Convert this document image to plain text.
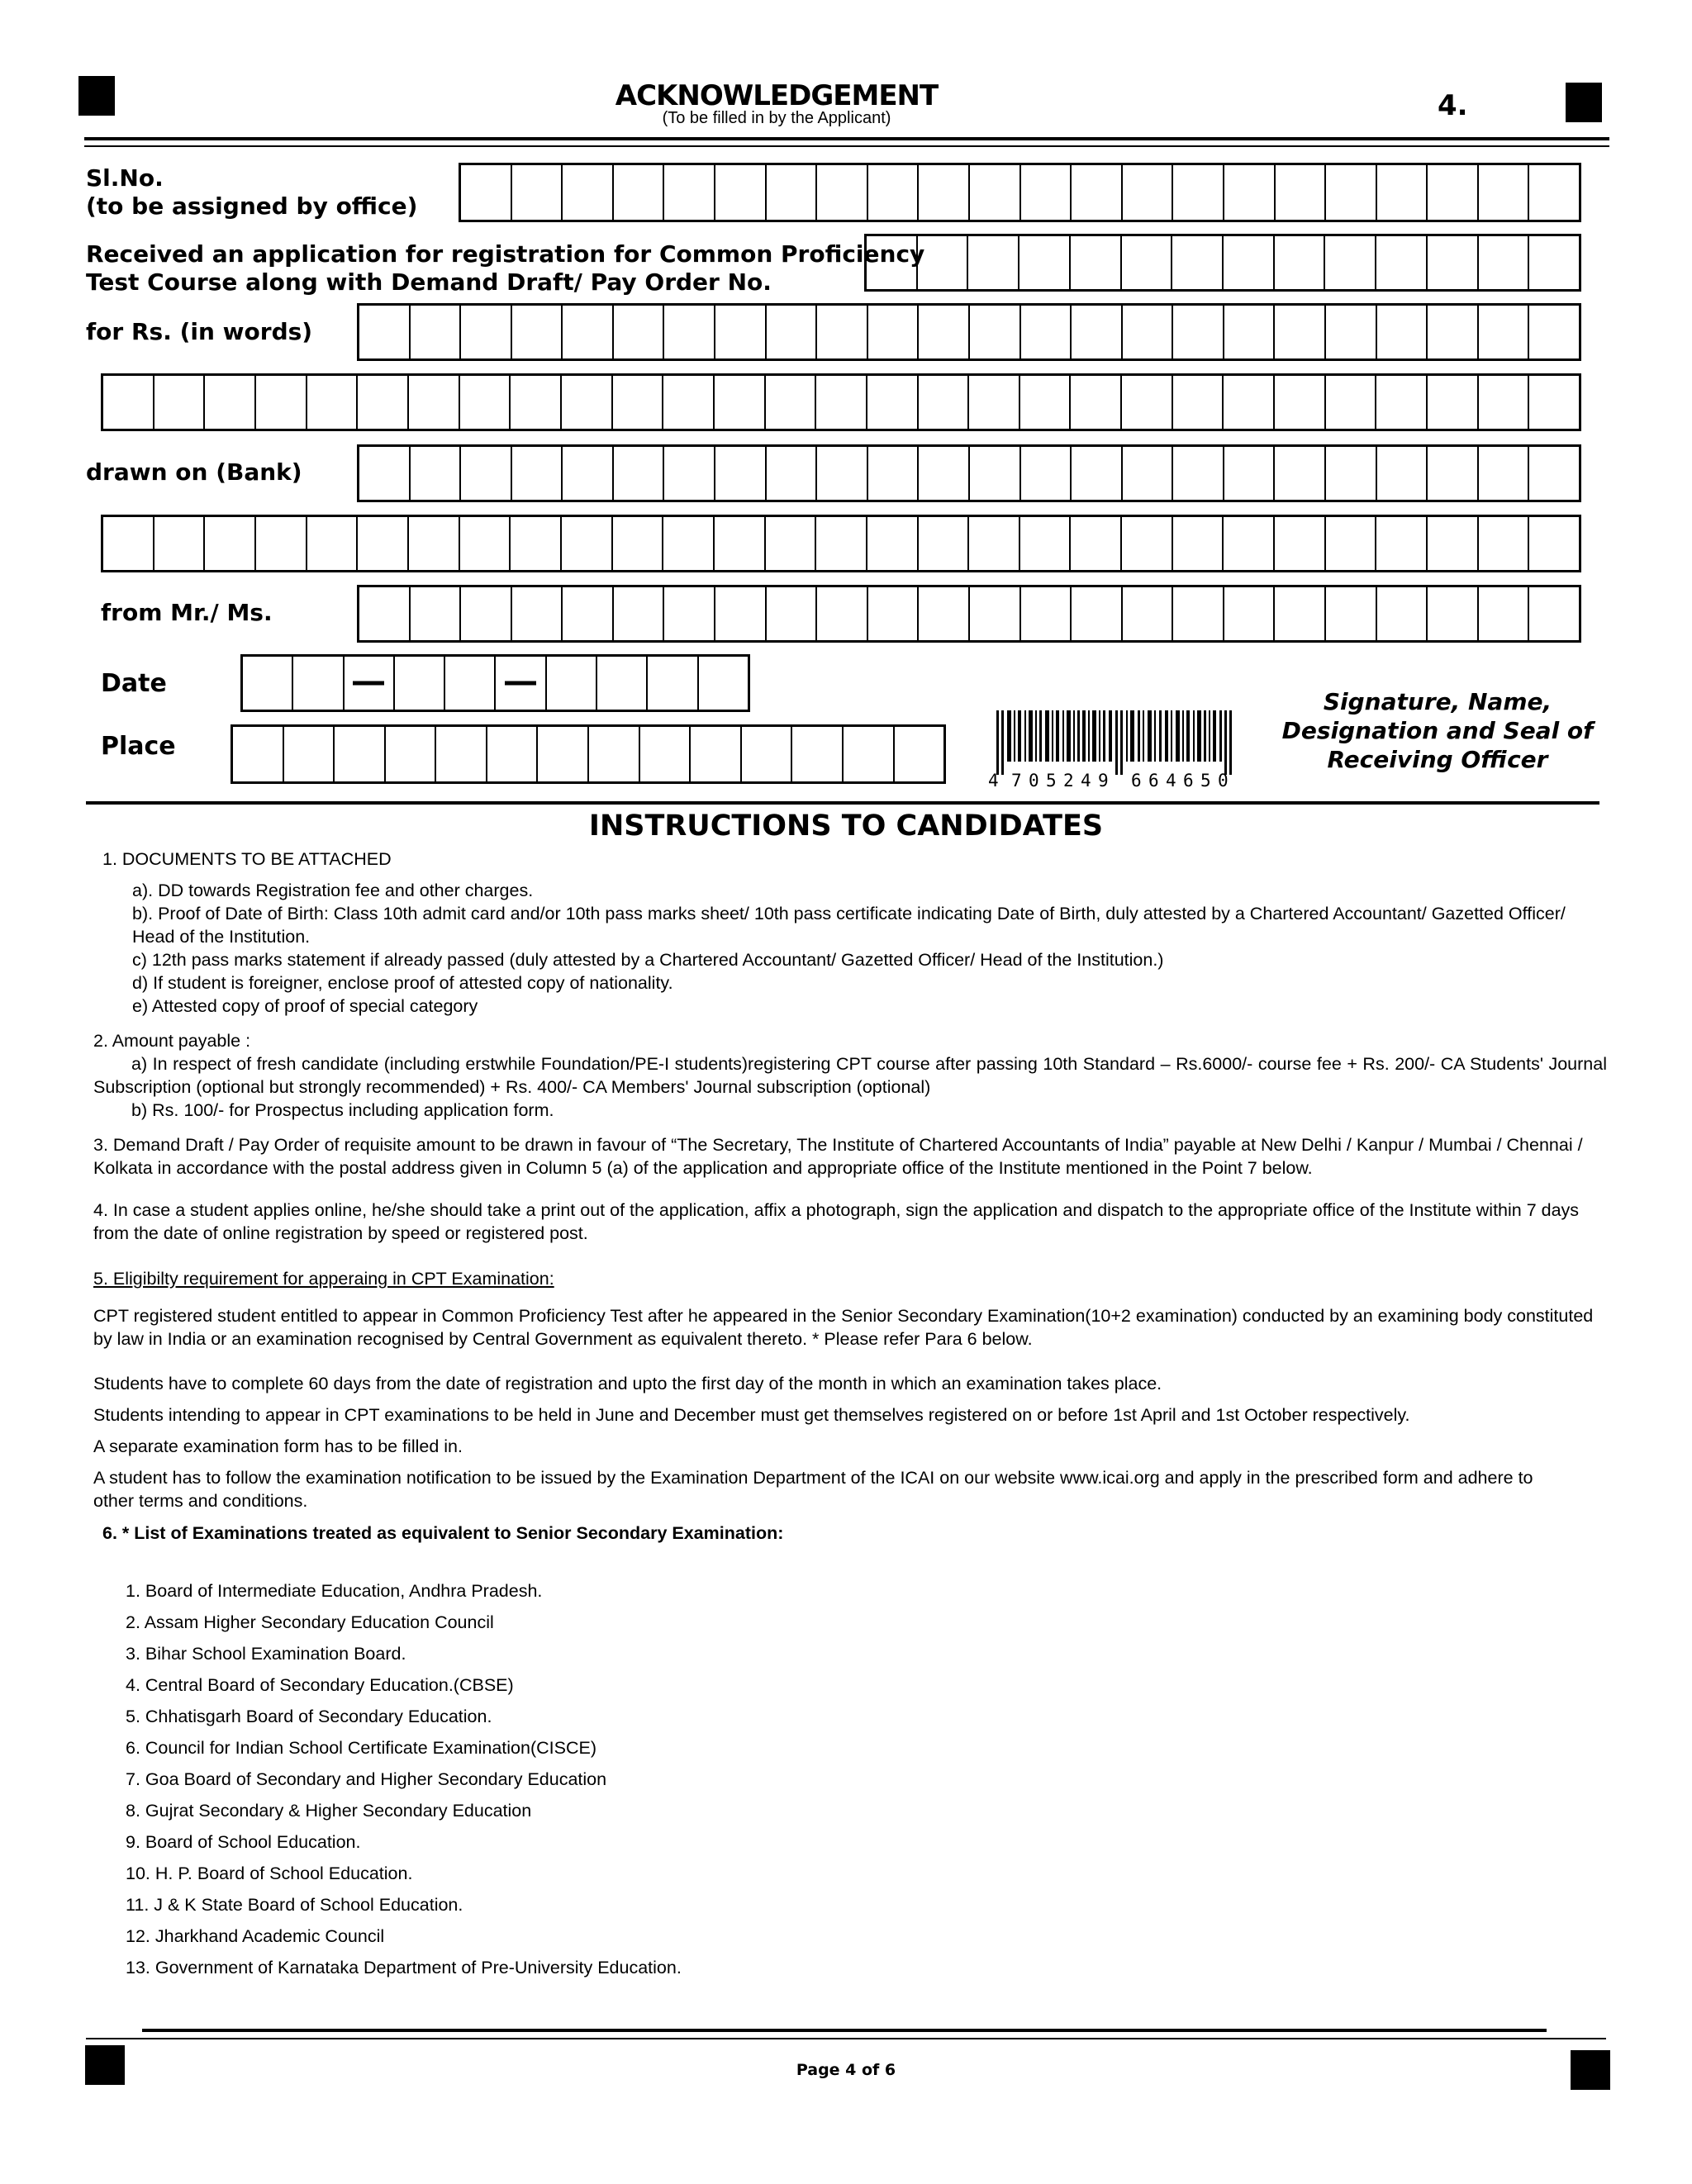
ACKNOWLEDGEMENT
(To be filled in by the Applicant)	4.
Sl.No.
(to be assigned by office)
Received an application for registration for Common Proficiency
Test Course along with Demand Draft/ Pay Order No.
for Rs. (in words)
drawn on (Bank)
from Mr./ Ms.
Date
Place
4 7 0 5 2 4 9 6 6 4 6 5 0
Signature, Name,
Designation and Seal of
Receiving Officer
INSTRUCTIONS TO CANDIDATES
1. DOCUMENTS TO BE ATTACHED
a). DD towards Registration fee and other charges.
b). Proof of Date of Birth: Class 10th admit card and/or 10th pass marks sheet/ 10th pass certificate indicating Date of Birth, duly attested by a Chartered Accountant/ Gazetted Officer/ Head of the Institution.
c) 12th pass marks statement if already passed (duly attested by a Chartered Accountant/ Gazetted Officer/ Head of the Institution.)
d) If student is foreigner, enclose proof of attested copy of nationality.
e) Attested copy of proof of special category
2. Amount payable :
a) In respect of fresh candidate (including erstwhile Foundation/PE-I students)registering CPT course after passing 10th Standard – Rs.6000/- course fee + Rs. 200/- CA Students' Journal Subscription (optional but strongly recommended) + Rs. 400/- CA Members' Journal subscription (optional)
b) Rs. 100/- for Prospectus including application form.
3. Demand Draft / Pay Order of requisite amount to be drawn in favour of “The Secretary, The Institute of Chartered Accountants of India” payable at New Delhi / Kanpur / Mumbai / Chennai / Kolkata in accordance with the postal address given in Column 5 (a) of the application and appropriate office of the Institute mentioned in the Point 7 below.
4. In case a student applies online, he/she should take a print out of the application, affix a photograph, sign the application and dispatch to the appropriate office of the Institute within 7 days from the date of online registration by speed or registered post.
5. Eligibilty requirement for apperaing in CPT Examination:
CPT registered student entitled to appear in Common Proficiency Test after he appeared in the Senior Secondary Examination(10+2 examination) conducted by an examining body constituted by law in India or an examination recognised by Central Government as equivalent thereto. * Please refer Para 6 below.
Students have to complete 60 days from the date of registration and upto the first day of the month in which an examination takes place.
Students intending to appear in CPT examinations to be held in June and December must get themselves registered on or before 1st April and 1st October respectively.
A separate examination form has to be filled in.
A student has to follow the examination notification to be issued by the Examination Department of the ICAI on our website www.icai.org and apply in the prescribed form and adhere to other terms and conditions.
6. * List of Examinations treated as equivalent to Senior Secondary Examination:
1. Board of Intermediate Education, Andhra Pradesh.
2. Assam Higher Secondary Education Council
3. Bihar School Examination Board.
4. Central Board of Secondary Education.(CBSE)
5. Chhatisgarh Board of Secondary Education.
6. Council for Indian School Certificate Examination(CISCE)
7. Goa Board of Secondary and Higher Secondary Education
8. Gujrat Secondary & Higher Secondary Education
9. Board of School Education.
10. H. P. Board of School Education.
11. J & K State Board of School Education.
12. Jharkhand Academic Council
13. Government of Karnataka Department of Pre-University Education.
Page 4 of 6
